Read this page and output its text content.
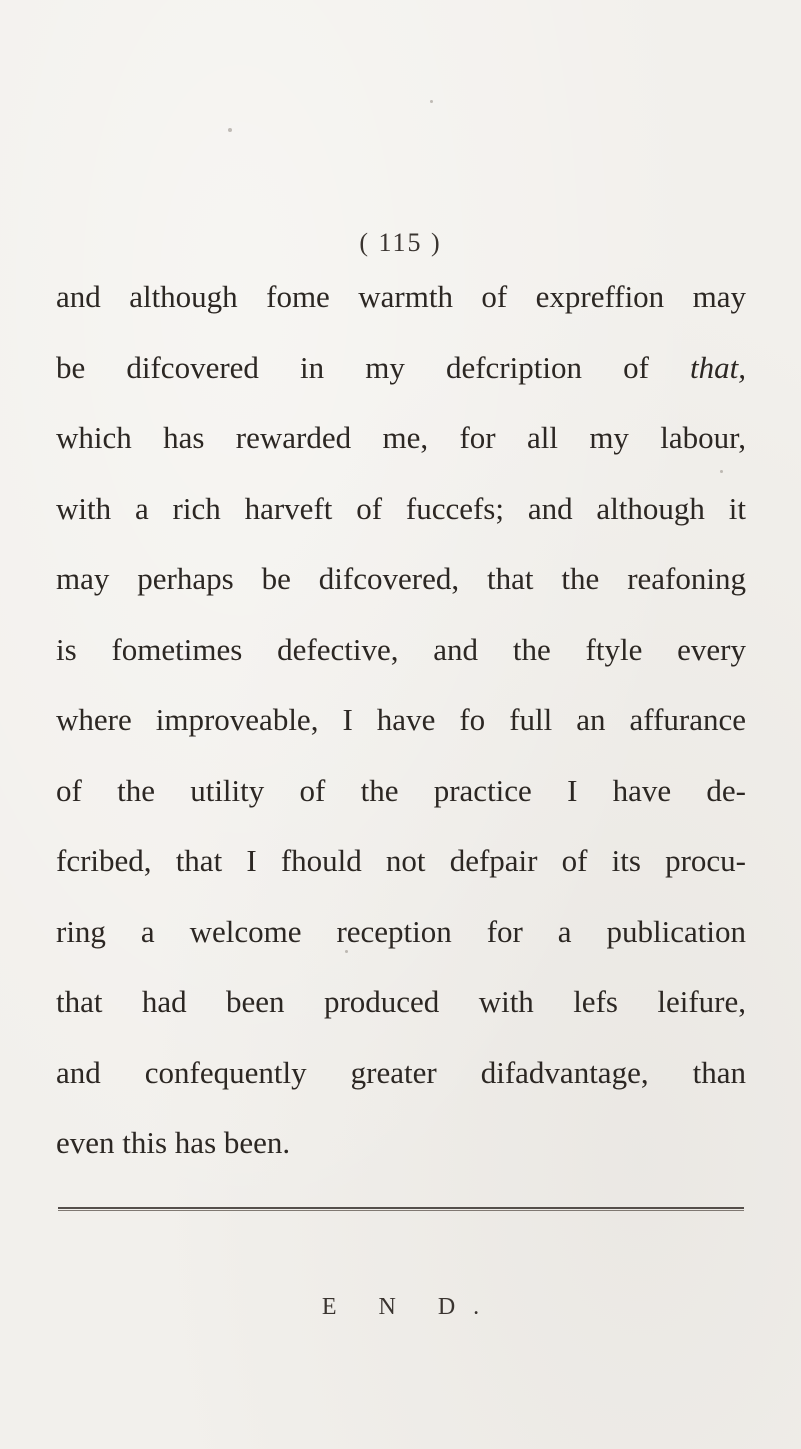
( 115 )
and although fome warmth of expreffion may
be difcovered in my defcription of that,
which has rewarded me, for all my labour,
with a rich harveft of fuccefs; and although it
may perhaps be difcovered, that the reafoning
is fometimes defective, and the ftyle every
where improveable, I have fo full an affurance
of the utility of the practice I have de-
fcribed, that I fhould not defpair of its procu-
ring a welcome reception for a publication
that had been produced with lefs leifure,
and confequently greater difadvantage, than
even this has been.
E N D.
